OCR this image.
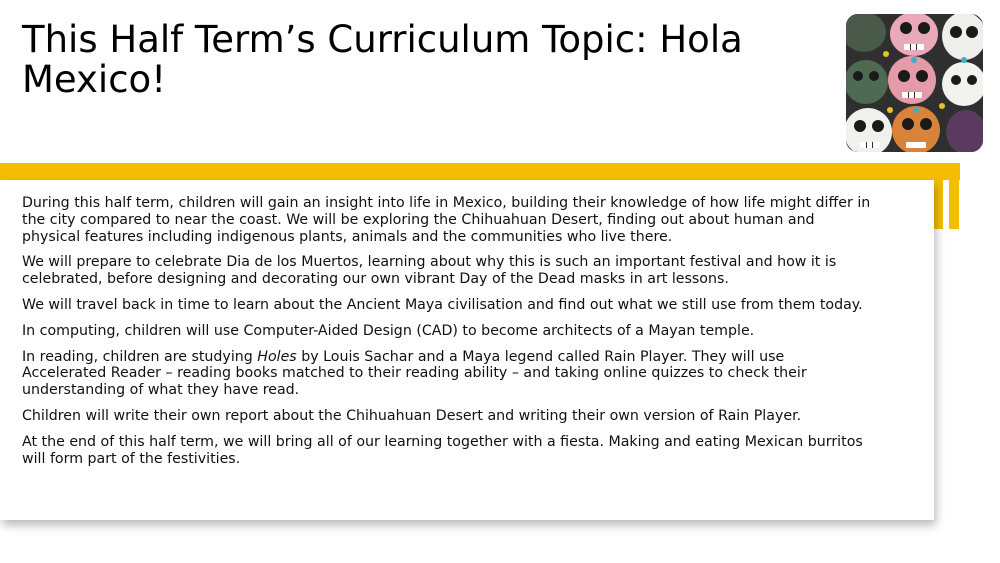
This Half Term’s Curriculum Topic: Hola Mexico!

During this half term, children will gain an insight into life in Mexico, building their knowledge of how life might differ in the city compared to near the coast. We will be exploring the Chihuahuan Desert, finding out about human and physical features including indigenous plants, animals and the communities who live there.

We will prepare to celebrate Dia de los Muertos, learning about why this is such an important festival and how it is celebrated, before designing and decorating our own vibrant Day of the Dead masks in art lessons.

We will travel back in time to learn about the Ancient Maya civilisation and find out what we still use from them today.

In computing, children will use Computer-Aided Design (CAD) to become architects of a Mayan temple.

In reading, children are studying Holes by Louis Sachar and a Maya legend called Rain Player. They will use Accelerated Reader – reading books matched to their reading ability – and taking online quizzes to check their understanding of what they have read.

Children will write their own report about the Chihuahuan Desert and writing their own version of Rain Player.

At the end of this half term, we will bring all of our learning together with a fiesta. Making and eating Mexican burritos will form part of the festivities.
